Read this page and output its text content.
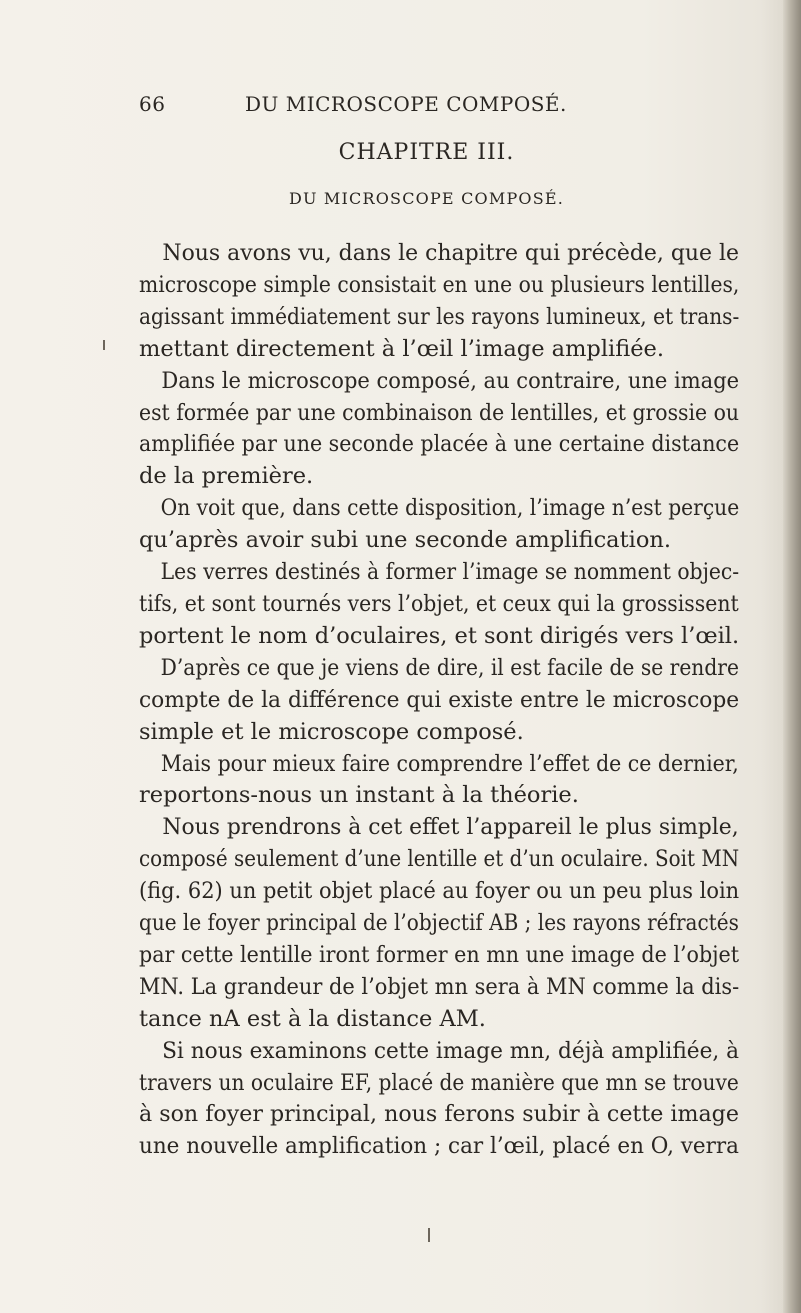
66	DU MICROSCOPE COMPOSÉ.
CHAPITRE III.
DU MICROSCOPE COMPOSÉ.
Nous avons vu, dans le chapitre qui précède, que le
microscope simple consistait en une ou plusieurs lentilles,
agissant immédiatement sur les rayons lumineux, et trans-
mettant directement à l’œil l’image amplifiée.
Dans le microscope composé, au contraire, une image
est formée par une combinaison de lentilles, et grossie ou
amplifiée par une seconde placée à une certaine distance
de la première.
On voit que, dans cette disposition, l’image n’est perçue
qu’après avoir subi une seconde amplification.
Les verres destinés à former l’image se nomment objec-
tifs, et sont tournés vers l’objet, et ceux qui la grossissent
portent le nom d’oculaires, et sont dirigés vers l’œil.
D’après ce que je viens de dire, il est facile de se rendre
compte de la différence qui existe entre le microscope
simple et le microscope composé.
Mais pour mieux faire comprendre l’effet de ce dernier,
reportons-nous un instant à la théorie.
Nous prendrons à cet effet l’appareil le plus simple,
composé seulement d’une lentille et d’un oculaire. Soit MN
(fig. 62) un petit objet placé au foyer ou un peu plus loin
que le foyer principal de l’objectif AB ; les rayons réfractés
par cette lentille iront former en mn une image de l’objet
MN. La grandeur de l’objet mn sera à MN comme la dis-
tance nA est à la distance AM.
Si nous examinons cette image mn, déjà amplifiée, à
travers un oculaire EF, placé de manière que mn se trouve
à son foyer principal, nous ferons subir à cette image
une nouvelle amplification ; car l’œil, placé en O, verra
